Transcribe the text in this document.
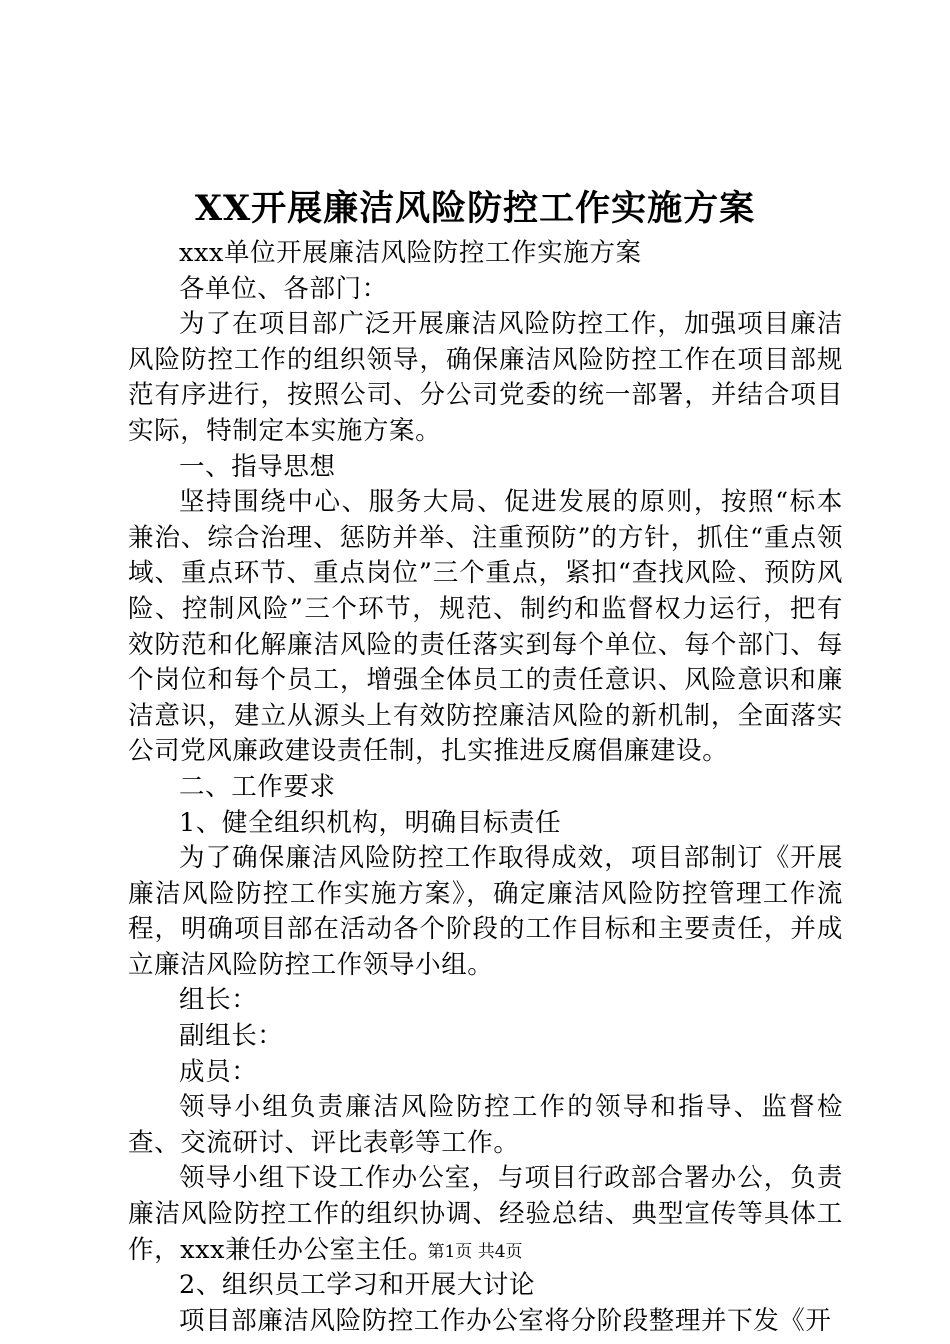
XX开展廉洁风险防控工作实施方案

xxx单位开展廉洁风险防控工作实施方案

各单位、各部门：

为了在项目部广泛开展廉洁风险防控工作，加强项目廉洁风险防控工作的组织领导，确保廉洁风险防控工作在项目部规范有序进行，按照公司、分公司党委的统一部署，并结合项目实际，特制定本实施方案。

一、指导思想

坚持围绕中心、服务大局、促进发展的原则，按照“标本兼治、综合治理、惩防并举、注重预防”的方针，抓住“重点领域、重点环节、重点岗位”三个重点，紧扣“查找风险、预防风险、控制风险”三个环节，规范、制约和监督权力运行，把有效防范和化解廉洁风险的责任落实到每个单位、每个部门、每个岗位和每个员工，增强全体员工的责任意识、风险意识和廉洁意识，建立从源头上有效防控廉洁风险的新机制，全面落实公司党风廉政建设责任制，扎实推进反腐倡廉建设。

二、工作要求

1、健全组织机构，明确目标责任

为了确保廉洁风险防控工作取得成效，项目部制订《开展廉洁风险防控工作实施方案》，确定廉洁风险防控管理工作流程，明确项目部在活动各个阶段的工作目标和主要责任，并成立廉洁风险防控工作领导小组。

组长：

副组长：

成员：

领导小组负责廉洁风险防控工作的领导和指导、监督检查、交流研讨、评比表彰等工作。

领导小组下设工作办公室，与项目行政部合署办公，负责廉洁风险防控工作的组织协调、经验总结、典型宣传等具体工作，xxx兼任办公室主任。

2、组织员工学习和开展大讨论

项目部廉洁风险防控工作办公室将分阶段整理并下发《开

第1页 共4页
